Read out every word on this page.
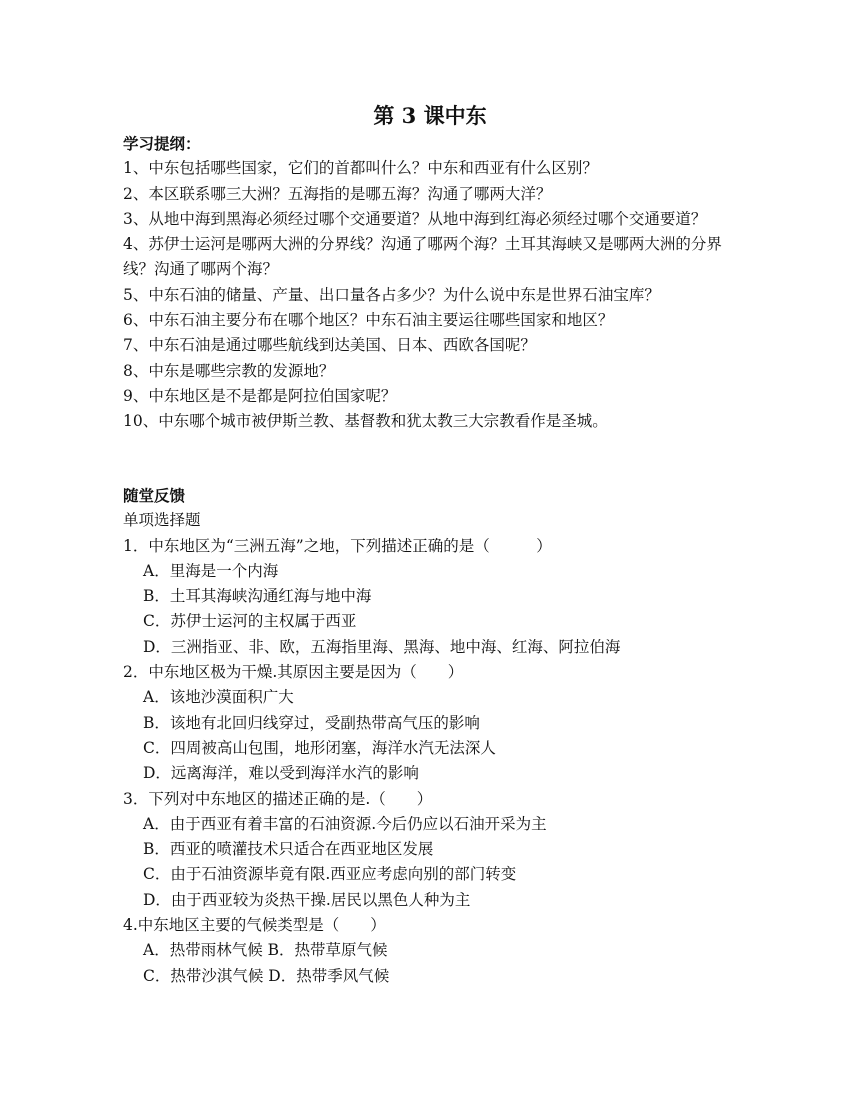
第 3 课中东
学习提纲：
1、中东包括哪些国家，它们的首都叫什么？中东和西亚有什么区别？
2、本区联系哪三大洲？五海指的是哪五海？沟通了哪两大洋？
3、从地中海到黑海必须经过哪个交通要道？从地中海到红海必须经过哪个交通要道？
4、苏伊士运河是哪两大洲的分界线？沟通了哪两个海？土耳其海峡又是哪两大洲的分界线？沟通了哪两个海？
5、中东石油的储量、产量、出口量各占多少？为什么说中东是世界石油宝库？
6、中东石油主要分布在哪个地区？中东石油主要运往哪些国家和地区？
7、中东石油是通过哪些航线到达美国、日本、西欧各国呢？
8、中东是哪些宗教的发源地？
9、中东地区是不是都是阿拉伯国家呢？
10、中东哪个城市被伊斯兰教、基督教和犹太教三大宗教看作是圣城。
随堂反馈
单项选择题
1．中东地区为“三洲五海”之地，下列描述正确的是（　　　）
A．里海是一个内海
B．土耳其海峡沟通红海与地中海
C．苏伊士运河的主权属于西亚
D．三洲指亚、非、欧，五海指里海、黑海、地中海、红海、阿拉伯海
2．中东地区极为干燥.其原因主要是因为（　　）
A．该地沙漠面积广大
B．该地有北回归线穿过，受副热带高气压的影响
C．四周被高山包围，地形闭塞，海洋水汽无法深人
D．远离海洋，难以受到海洋水汽的影响
3．下列对中东地区的描述正确的是.（　　）
A．由于西亚有着丰富的石油资源.今后仍应以石油开采为主
B．西亚的喷灌技术只适合在西亚地区发展
C．由于石油资源毕竟有限.西亚应考虑向别的部门转变
D．由于西亚较为炎热干操.居民以黑色人种为主
4.中东地区主要的气候类型是（　　）
A．热带雨林气候 B．热带草原气候
C．热带沙淇气候 D．热带季风气候
